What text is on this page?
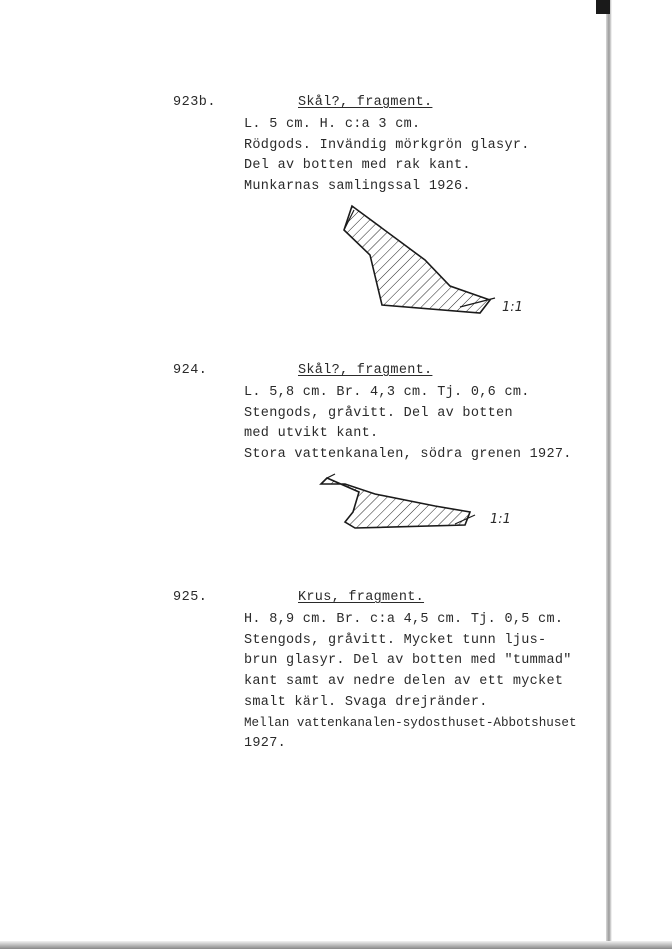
923b.	Skål?, fragment.
L. 5 cm. H. c:a 3 cm.
Rödgods. Invändig mörkgrön glasyr.
Del av botten med rak kant.
Munkarnas samlingssal 1926.
1:1
924.	Skål?, fragment.
L. 5,8 cm. Br. 4,3 cm. Tj. 0,6 cm.
Stengods, gråvitt. Del av botten
med utvikt kant.
Stora vattenkanalen, södra grenen 1927.
1:1
925.	Krus, fragment.
H. 8,9 cm. Br. c:a 4,5 cm. Tj. 0,5 cm.
Stengods, gråvitt. Mycket tunn ljus-
brun glasyr. Del av botten med "tummad"
kant samt av nedre delen av ett mycket
smalt kärl. Svaga drejränder.
Mellan vattenkanalen-sydosthuset-Abbotshuset
1927.
